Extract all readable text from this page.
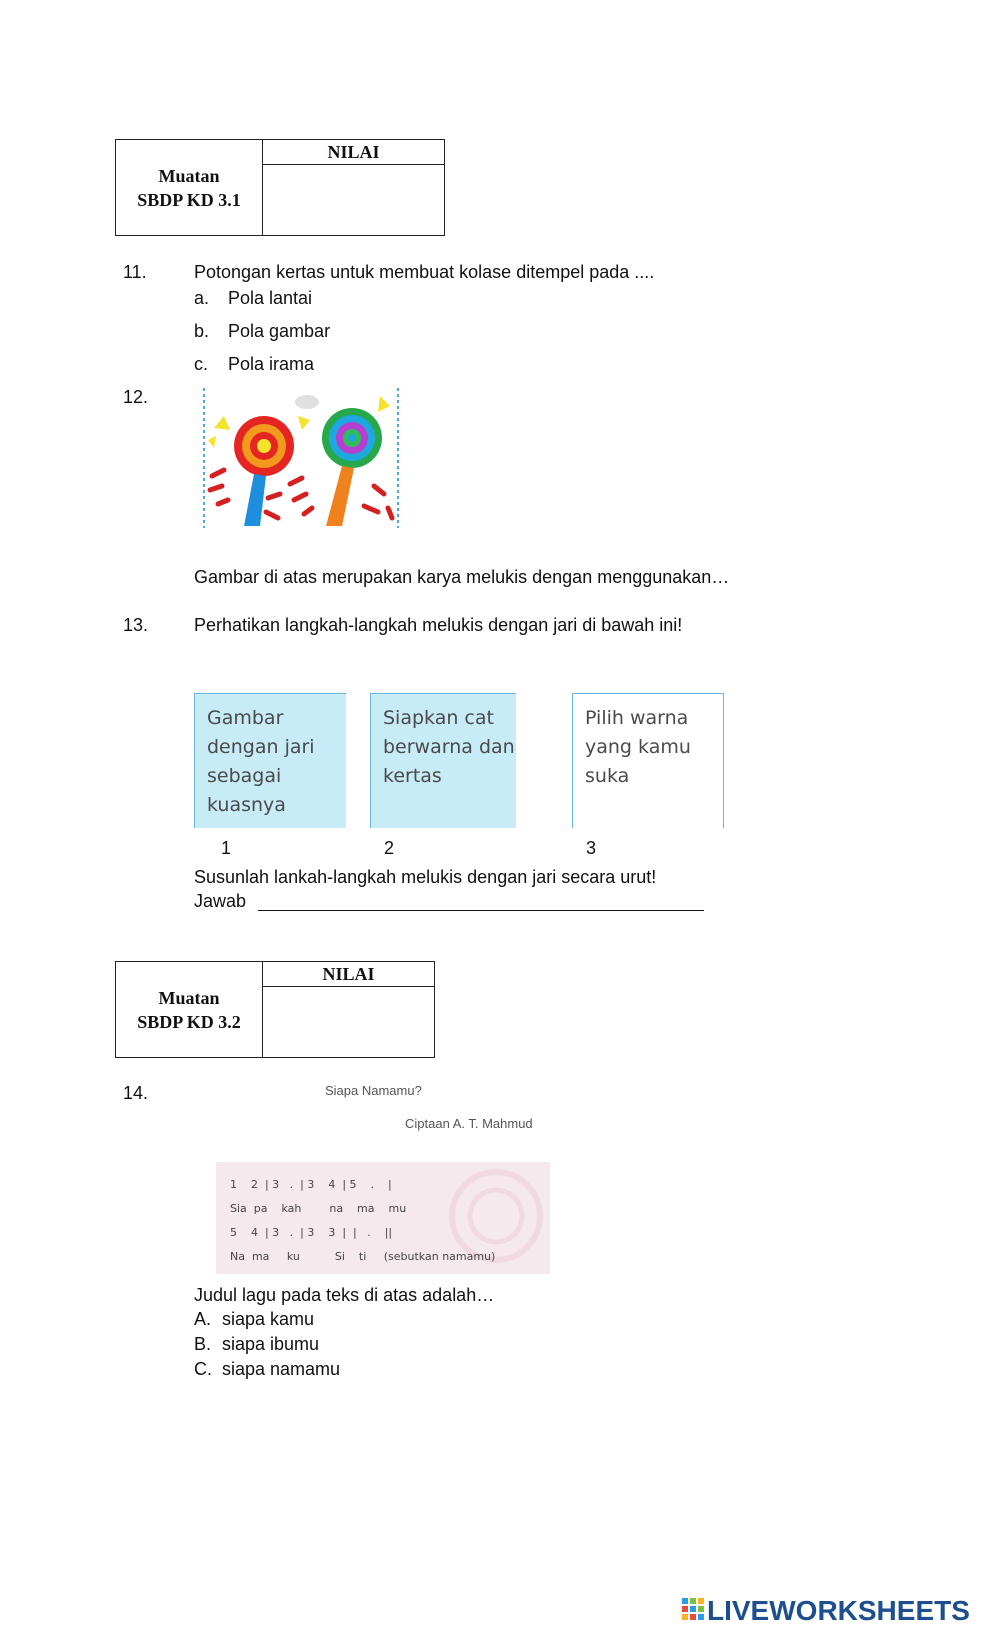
Muatan
SBDP KD 3.1
	NILAI

11.	Potongan kertas untuk membuat kolase ditempel pada ....
a. Pola lantai
b. Pola gambar
c. Pola irama
12.
Gambar di atas merupakan karya melukis dengan menggunakan…
13.	Perhatikan langkah-langkah melukis dengan jari di bawah ini!
Gambar
dengan jari
sebagai
kuasnya
Siapkan cat
berwarna dan
kertas
Pilih warna
yang kamu
suka
1	2	3
Susunlah lankah-langkah melukis dengan jari secara urut!
Jawab
Muatan
SBDP KD 3.2
	NILAI

14.	Siapa Namamu?
Ciptaan A. T. Mahmud
1    2  | 3   .  | 3    4  | 5    .    |
Sia  pa    kah        na    ma    mu
5    4  | 3   .  | 3    3  |  |   .    ||
Na  ma     ku          Si    ti     (sebutkan namamu)
Judul lagu pada teks di atas adalah…
A. siapa kamu
B. siapa ibumu
C. siapa namamu
LIVEWORKSHEETS
